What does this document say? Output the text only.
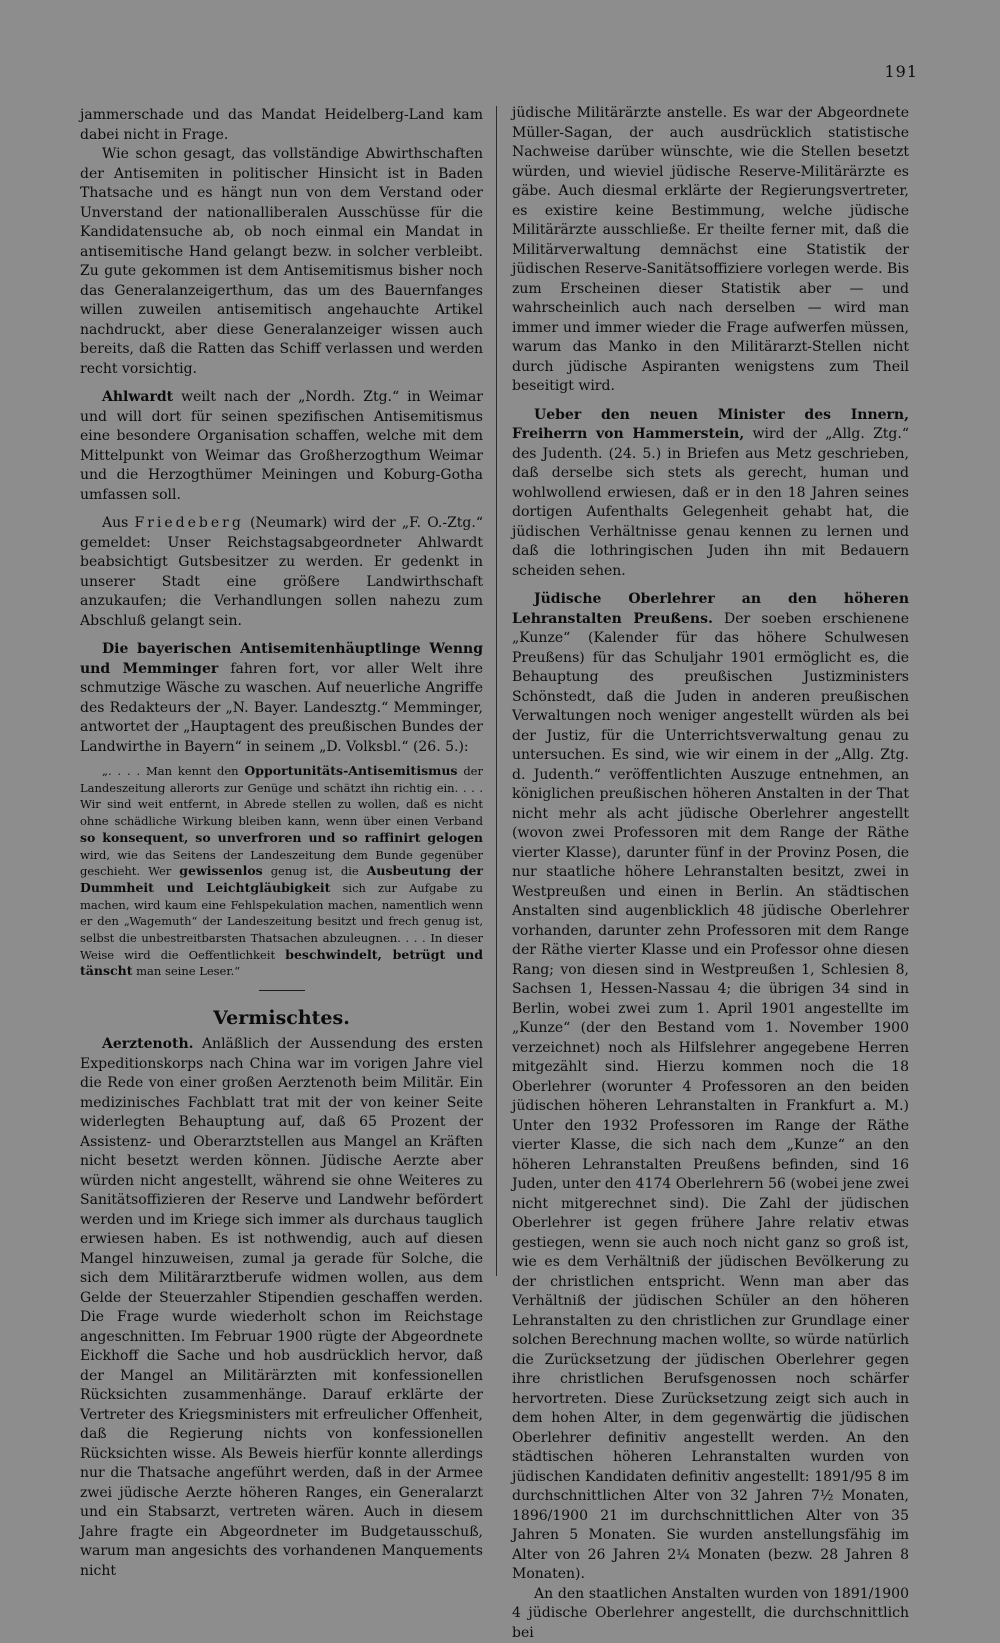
191

jammerschade und das Mandat Heidelberg-Land kam dabei nicht in Frage.

Wie schon gesagt, das vollständige Abwirthschaften der Antisemiten in politischer Hinsicht ist in Baden Thatsache und es hängt nun von dem Verstand oder Unverstand der nationalliberalen Ausschüsse für die Kandidatensuche ab, ob noch einmal ein Mandat in antisemitische Hand gelangt bezw. in solcher verbleibt. Zu gute gekommen ist dem Antisemitismus bisher noch das Generalanzeigerthum, das um des Bauernfanges willen zuweilen antisemitisch angehauchte Artikel nachdruckt, aber diese Generalanzeiger wissen auch bereits, daß die Ratten das Schiff verlassen und werden recht vorsichtig.

Ahlwardt weilt nach der „Nordh. Ztg.“ in Weimar und will dort für seinen spezifischen Antisemitismus eine besondere Organisation schaffen, welche mit dem Mittelpunkt von Weimar das Großherzogthum Weimar und die Herzogthümer Meiningen und Koburg-Gotha umfassen soll.

Aus Friedeberg (Neumark) wird der „F. O.-Ztg.“ gemeldet: Unser Reichstagsabgeordneter Ahlwardt beabsichtigt Gutsbesitzer zu werden. Er gedenkt in unserer Stadt eine größere Landwirthschaft anzukaufen; die Verhandlungen sollen nahezu zum Abschluß gelangt sein.

Die bayerischen Antisemitenhäuptlinge Wenng und Memminger fahren fort, vor aller Welt ihre schmutzige Wäsche zu waschen. Auf neuerliche Angriffe des Redakteurs der „N. Bayer. Landesztg.“ Memminger, antwortet der „Hauptagent des preußischen Bundes der Landwirthe in Bayern“ in seinem „D. Volksbl.“ (26. 5.):

„. . . . Man kennt den Opportunitäts-Antisemitismus der Landeszeitung allerorts zur Genüge und schätzt ihn richtig ein. . . . Wir sind weit entfernt, in Abrede stellen zu wollen, daß es nicht ohne schädliche Wirkung bleiben kann, wenn über einen Verband so konsequent, so unverfroren und so raffinirt gelogen wird, wie das Seitens der Landeszeitung dem Bunde gegenüber geschieht. Wer gewissenlos genug ist, die Ausbeutung der Dummheit und Leichtgläubigkeit sich zur Aufgabe zu machen, wird kaum eine Fehlspekulation machen, namentlich wenn er den „Wagemuth“ der Landeszeitung besitzt und frech genug ist, selbst die unbestreitbarsten Thatsachen abzuleugnen. . . . In dieser Weise wird die Oeffentlichkeit beschwindelt, betrügt und tänscht man seine Leser.“

Vermischtes.

Aerztenoth. Anläßlich der Aussendung des ersten Expeditionskorps nach China war im vorigen Jahre viel die Rede von einer großen Aerztenoth beim Militär. Ein medizinisches Fachblatt trat mit der von keiner Seite widerlegten Behauptung auf, daß 65 Prozent der Assistenz- und Oberarztstellen aus Mangel an Kräften nicht besetzt werden können. Jüdische Aerzte aber würden nicht angestellt, während sie ohne Weiteres zu Sanitätsoffizieren der Reserve und Landwehr befördert werden und im Kriege sich immer als durchaus tauglich erwiesen haben. Es ist nothwendig, auch auf diesen Mangel hinzuweisen, zumal ja gerade für Solche, die sich dem Militärarztberufe widmen wollen, aus dem Gelde der Steuerzahler Stipendien geschaffen werden. Die Frage wurde wiederholt schon im Reichstage angeschnitten. Im Februar 1900 rügte der Abgeordnete Eickhoff die Sache und hob ausdrücklich hervor, daß der Mangel an Militärärzten mit konfessionellen Rücksichten zusammenhänge. Darauf erklärte der Vertreter des Kriegsministers mit erfreulicher Offenheit, daß die Regierung nichts von konfessionellen Rücksichten wisse. Als Beweis hierfür konnte allerdings nur die Thatsache angeführt werden, daß in der Armee zwei jüdische Aerzte höheren Ranges, ein Generalarzt und ein Stabsarzt, vertreten wären. Auch in diesem Jahre fragte ein Abgeordneter im Budgetausschuß, warum man angesichts des vorhandenen Manquements nicht

jüdische Militärärzte anstelle. Es war der Abgeordnete Müller-Sagan, der auch ausdrücklich statistische Nachweise darüber wünschte, wie die Stellen besetzt würden, und wieviel jüdische Reserve-Militärärzte es gäbe. Auch diesmal erklärte der Regierungsvertreter, es existire keine Bestimmung, welche jüdische Militärärzte ausschließe. Er theilte ferner mit, daß die Militärverwaltung demnächst eine Statistik der jüdischen Reserve-Sanitätsoffiziere vorlegen werde. Bis zum Erscheinen dieser Statistik aber — und wahrscheinlich auch nach derselben — wird man immer und immer wieder die Frage aufwerfen müssen, warum das Manko in den Militärarzt-Stellen nicht durch jüdische Aspiranten wenigstens zum Theil beseitigt wird.

Ueber den neuen Minister des Innern, Freiherrn von Hammerstein, wird der „Allg. Ztg.“ des Judenth. (24. 5.) in Briefen aus Metz geschrieben, daß derselbe sich stets als gerecht, human und wohlwollend erwiesen, daß er in den 18 Jahren seines dortigen Aufenthalts Gelegenheit gehabt hat, die jüdischen Verhältnisse genau kennen zu lernen und daß die lothringischen Juden ihn mit Bedauern scheiden sehen.

Jüdische Oberlehrer an den höheren Lehranstalten Preußens. Der soeben erschienene „Kunze“ (Kalender für das höhere Schulwesen Preußens) für das Schuljahr 1901 ermöglicht es, die Behauptung des preußischen Justizministers Schönstedt, daß die Juden in anderen preußischen Verwaltungen noch weniger angestellt würden als bei der Justiz, für die Unterrichtsverwaltung genau zu untersuchen. Es sind, wie wir einem in der „Allg. Ztg. d. Judenth.“ veröffentlichten Auszuge entnehmen, an königlichen preußischen höheren Anstalten in der That nicht mehr als acht jüdische Oberlehrer angestellt (wovon zwei Professoren mit dem Range der Räthe vierter Klasse), darunter fünf in der Provinz Posen, die nur staatliche höhere Lehranstalten besitzt, zwei in Westpreußen und einen in Berlin. An städtischen Anstalten sind augenblicklich 48 jüdische Oberlehrer vorhanden, darunter zehn Professoren mit dem Range der Räthe vierter Klasse und ein Professor ohne diesen Rang; von diesen sind in Westpreußen 1, Schlesien 8, Sachsen 1, Hessen-Nassau 4; die übrigen 34 sind in Berlin, wobei zwei zum 1. April 1901 angestellte im „Kunze“ (der den Bestand vom 1. November 1900 verzeichnet) noch als Hilfslehrer angegebene Herren mitgezählt sind. Hierzu kommen noch die 18 Oberlehrer (worunter 4 Professoren an den beiden jüdischen höheren Lehranstalten in Frankfurt a. M.) Unter den 1932 Professoren im Range der Räthe vierter Klasse, die sich nach dem „Kunze“ an den höheren Lehranstalten Preußens befinden, sind 16 Juden, unter den 4174 Oberlehrern 56 (wobei jene zwei nicht mitgerechnet sind). Die Zahl der jüdischen Oberlehrer ist gegen frühere Jahre relativ etwas gestiegen, wenn sie auch noch nicht ganz so groß ist, wie es dem Verhältniß der jüdischen Bevölkerung zu der christlichen entspricht. Wenn man aber das Verhältniß der jüdischen Schüler an den höheren Lehranstalten zu den christlichen zur Grundlage einer solchen Berechnung machen wollte, so würde natürlich die Zurücksetzung der jüdischen Oberlehrer gegen ihre christlichen Berufsgenossen noch schärfer hervortreten. Diese Zurücksetzung zeigt sich auch in dem hohen Alter, in dem gegenwärtig die jüdischen Oberlehrer definitiv angestellt werden. An den städtischen höheren Lehranstalten wurden von jüdischen Kandidaten definitiv angestellt: 1891/95 8 im durchschnittlichen Alter von 32 Jahren 7½ Monaten, 1896/1900 21 im durchschnittlichen Alter von 35 Jahren 5 Monaten. Sie wurden anstellungsfähig im Alter von 26 Jahren 2¼ Monaten (bezw. 28 Jahren 8 Monaten).

An den staatlichen Anstalten wurden von 1891/1900 4 jüdische Oberlehrer angestellt, die durchschnittlich bei
